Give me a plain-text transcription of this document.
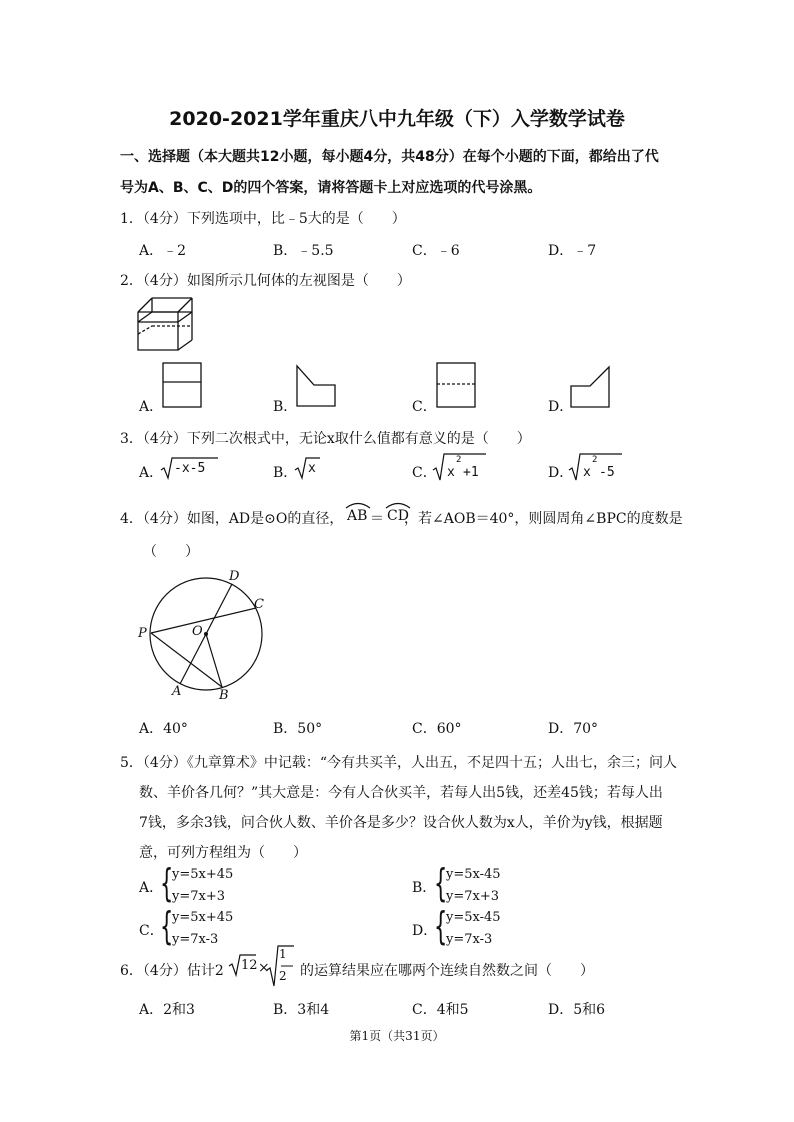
2020-2021学年重庆八中九年级（下）入学数学试卷
一、选择题（本大题共12小题，每小题4分，共48分）在每个小题的下面，都给出了代
号为A、B、C、D的四个答案，请将答题卡上对应选项的代号涂黑。
1．（4分）下列选项中，比﹣5大的是（　　）
A．﹣2	B．﹣5.5	C．﹣6	D．﹣7
2．（4分）如图所示几何体的左视图是（　　）
A．	B．	C．	D．
3．（4分）下列二次根式中，无论x取什么值都有意义的是（　　）
A． -x-5	B． x	C． x
2
+1	D． x
2
-5
4．（4分）如图，AD是⊙O的直径， AB ＝ CD
，若∠AOB＝40°，则圆周角∠BPC的度数是
（　　）
D
C
P	O
A	B
A．40°	B．50°	C．60°	D．70°
5．（4分）《九章算术》中记载：“今有共买羊，人出五，不足四十五；人出七，余三；问人
数、羊价各几何？”其大意是：今有人合伙买羊，若每人出5钱，还差45钱；若每人出
7钱，多余3钱，问合伙人数、羊价各是多少？设合伙人数为x人，羊价为y钱，根据题
意，可列方程组为（　　）
A．
{
y=5x+45
y=7x+3
B．
{
y=5x-45
y=7x+3
C．
{
y=5x+45
y=7x-3
D．
{
y=5x-45
y=7x-3
6．（4分）估计2 12 ×
1
2 的运算结果应在哪两个连续自然数之间（　　）
A．2和3	B．3和4	C．4和5	D．5和6
第1页（共31页）
